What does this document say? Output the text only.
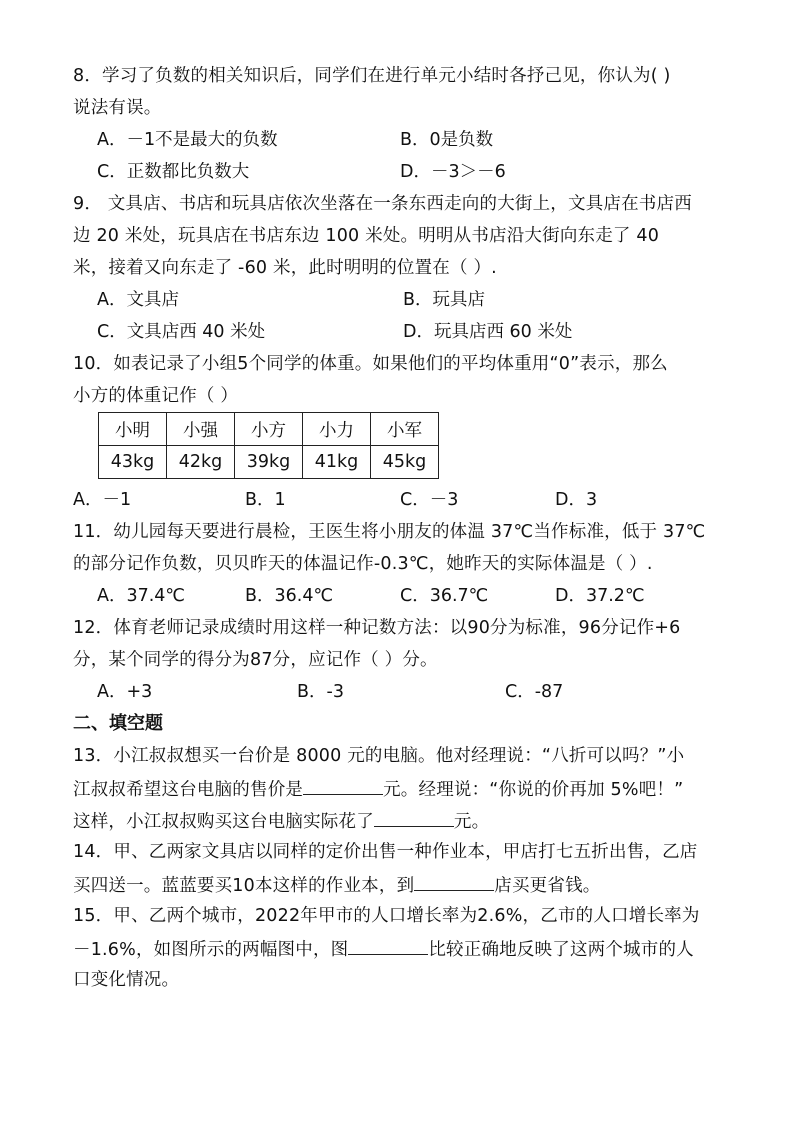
8．学习了负数的相关知识后，同学们在进行单元小结时各抒己见，你认为( )
说法有误。
A．－1不是最大的负数	B．0是负数
C．正数都比负数大	D．－3＞－6
9． 文具店、书店和玩具店依次坐落在一条东西走向的大街上，文具店在书店西
边 20 米处，玩具店在书店东边 100 米处。明明从书店沿大街向东走了 40
米，接着又向东走了 -60 米，此时明明的位置在（ ）.
A．文具店	B．玩具店
C．文具店西 40 米处	D．玩具店西 60 米处
10．如表记录了小组5个同学的体重。如果他们的平均体重用“0”表示，那么
小方的体重记作（ ）
小明	小强	小方	小力	小军
43kg	42kg	39kg	41kg	45kg
A．－1	B．1	C．－3	D．3
11．幼儿园每天要进行晨检，王医生将小朋友的体温 37℃当作标准，低于 37℃
的部分记作负数，贝贝昨天的体温记作-0.3℃，她昨天的实际体温是（ ）.
A．37.4℃	B．36.4℃	C．36.7℃	D．37.2℃
12．体育老师记录成绩时用这样一种记数方法：以90分为标准，96分记作+6
分，某个同学的得分为87分，应记作（ ）分。
A．+3	B．-3	C．-87
二、填空题
13．小江叔叔想买一台价是 8000 元的电脑。他对经理说：“八折可以吗？”小
江叔叔希望这台电脑的售价是	元。经理说：“你说的价再加 5%吧！”
这样，小江叔叔购买这台电脑实际花了	元。
14．甲、乙两家文具店以同样的定价出售一种作业本，甲店打七五折出售，乙店
买四送一。蓝蓝要买10本这样的作业本，到	店买更省钱。
15．甲、乙两个城市，2022年甲市的人口增长率为2.6%，乙市的人口增长率为
－1.6%，如图所示的两幅图中，图	比较正确地反映了这两个城市的人
口变化情况。
